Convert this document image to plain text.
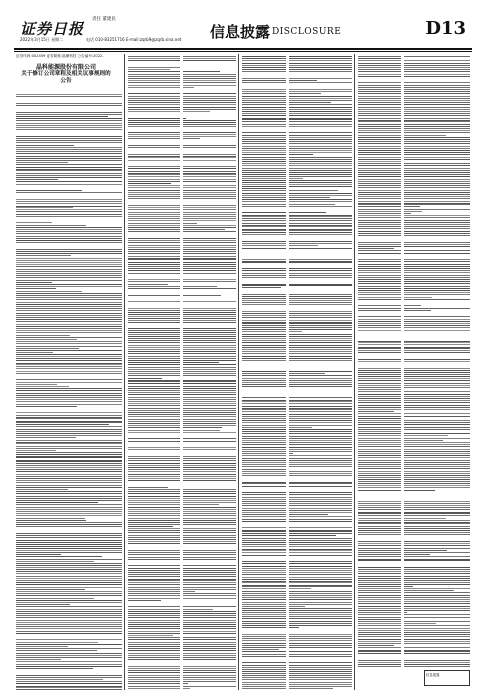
证券日报
责任 董建民
2022年3月15日 星期二	电话 010-83251716 E-mail:zqrb9@zqrb.sina.net 信息披露 DISCLOSURE	D13
证券代码:002459 证券简称:晶澳科技 公告编号:2022-
晶科能源股份有限公司
关于修订公司章程及相关议事规则的
公告
信息披露
